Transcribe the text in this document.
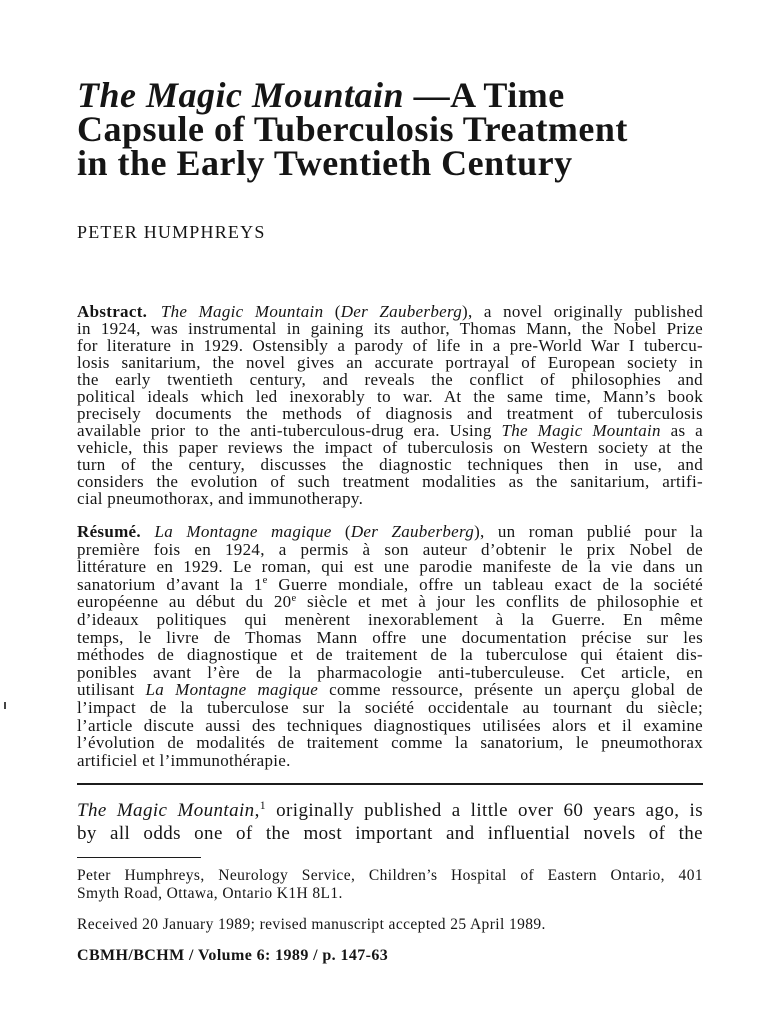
The Magic Mountain —A Time
Capsule of Tuberculosis Treatment
in the Early Twentieth Century
PETER HUMPHREYS
Abstract. The Magic Mountain (Der Zauberberg), a novel originally published
in 1924, was instrumental in gaining its author, Thomas Mann, the Nobel Prize
for literature in 1929. Ostensibly a parody of life in a pre-World War I tubercu-
losis sanitarium, the novel gives an accurate portrayal of European society in
the early twentieth century, and reveals the conflict of philosophies and
political ideals which led inexorably to war. At the same time, Mann’s book
precisely documents the methods of diagnosis and treatment of tuberculosis
available prior to the anti-tuberculous-drug era. Using The Magic Mountain as a
vehicle, this paper reviews the impact of tuberculosis on Western society at the
turn of the century, discusses the diagnostic techniques then in use, and
considers the evolution of such treatment modalities as the sanitarium, artifi-
cial pneumothorax, and immunotherapy.
Résumé. La Montagne magique (Der Zauberberg), un roman publié pour la
première fois en 1924, a permis à son auteur d’obtenir le prix Nobel de
littérature en 1929. Le roman, qui est une parodie manifeste de la vie dans un
sanatorium d’avant la 1e Guerre mondiale, offre un tableau exact de la société
européenne au début du 20e siècle et met à jour les conflits de philosophie et
d’ideaux politiques qui menèrent inexorablement à la Guerre. En même
temps, le livre de Thomas Mann offre une documentation précise sur les
méthodes de diagnostique et de traitement de la tuberculose qui étaient dis-
ponibles avant l’ère de la pharmacologie anti-tuberculeuse. Cet article, en
utilisant La Montagne magique comme ressource, présente un aperçu global de
l’impact de la tuberculose sur la société occidentale au tournant du siècle;
l’article discute aussi des techniques diagnostiques utilisées alors et il examine
l’évolution de modalités de traitement comme la sanatorium, le pneumothorax
artificiel et l’immunothérapie.
The Magic Mountain,$^1$ originally published a little over 60 years ago, is
by all odds one of the most important and influential novels of the
Peter Humphreys, Neurology Service, Children’s Hospital of Eastern Ontario, 401
Smyth Road, Ottawa, Ontario K1H 8L1.
Received 20 January 1989; revised manuscript accepted 25 April 1989.
CBMH/BCHM / Volume 6: 1989 / p. 147-63
